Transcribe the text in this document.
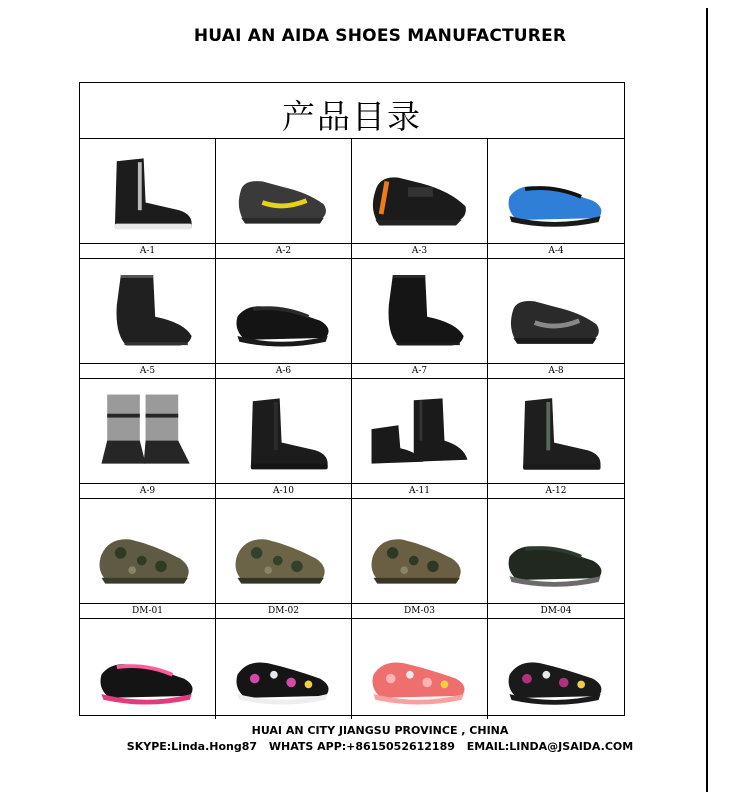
HUAI AN AIDA SHOES MANUFACTURER
产品目录
A-1	A-2	A-3	A-4
A-5	A-6	A-7	A-8
A-9	A-10	A-11	A-12
DM-01	DM-02	DM-03	DM-04
HUAI AN CITY JIANGSU PROVINCE , CHINA
SKYPE:Linda.Hong87 WHATS APP:+8615052612189 EMAIL:LINDA@JSAIDA.COM
